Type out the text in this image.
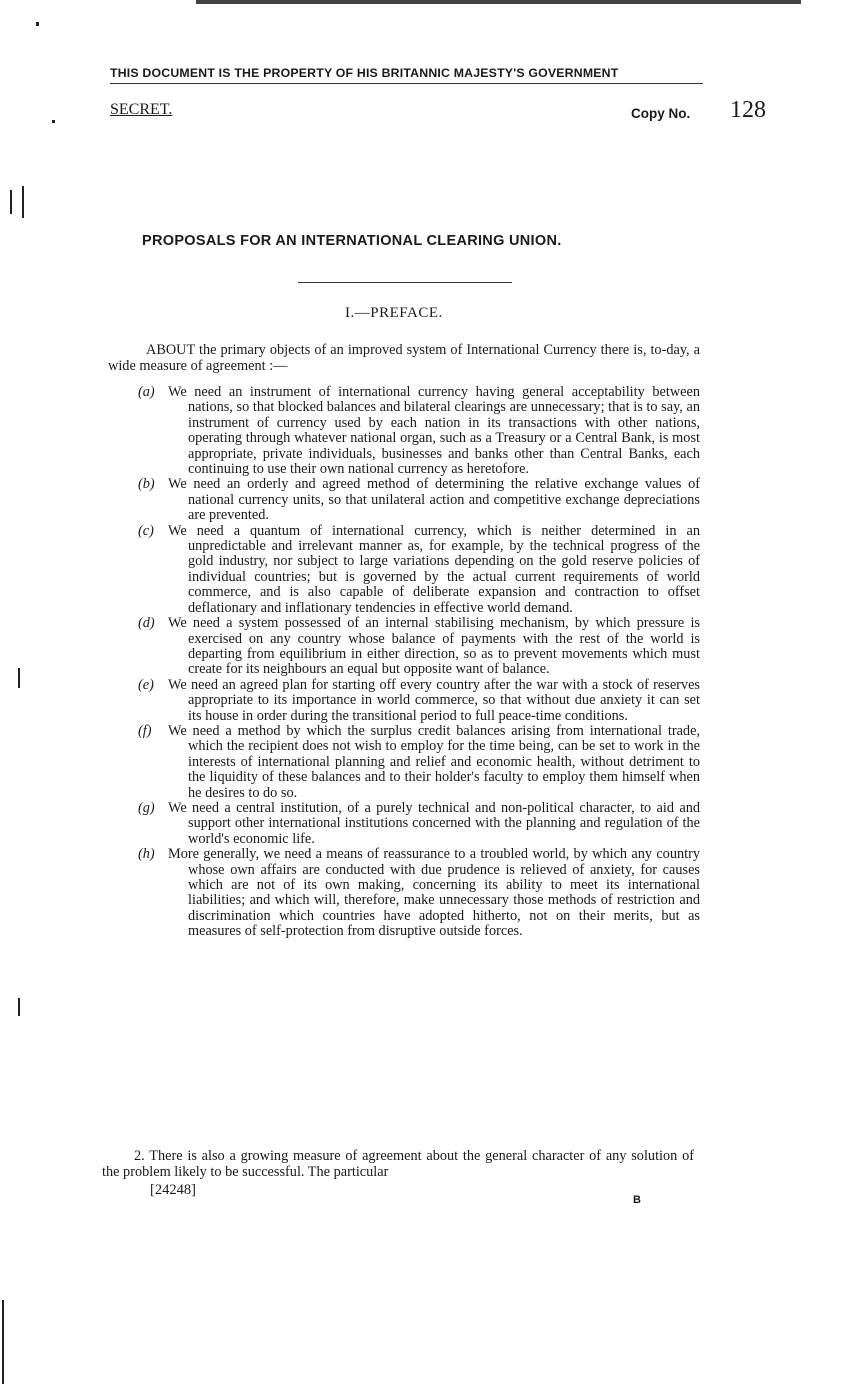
THIS DOCUMENT IS THE PROPERTY OF HIS BRITANNIC MAJESTY'S GOVERNMENT
SECRET.	Copy No. 128
PROPOSALS FOR AN INTERNATIONAL CLEARING UNION.
I.—PREFACE.

ABOUT the primary objects of an improved system of International Currency there is, to-day, a wide measure of agreement :—

(a) We need an instrument of international currency having general acceptability between nations, so that blocked balances and bilateral clearings are unnecessary; that is to say, an instrument of currency used by each nation in its transactions with other nations, operating through whatever national organ, such as a Treasury or a Central Bank, is most appropriate, private individuals, businesses and banks other than Central Banks, each continuing to use their own national currency as heretofore.
(b) We need an orderly and agreed method of determining the relative exchange values of national currency units, so that unilateral action and competitive exchange depreciations are prevented.
(c) We need a quantum of international currency, which is neither determined in an unpredictable and irrelevant manner as, for example, by the technical progress of the gold industry, nor subject to large variations depending on the gold reserve policies of individual countries; but is governed by the actual current requirements of world commerce, and is also capable of deliberate expansion and contraction to offset deflationary and inflationary tendencies in effective world demand.
(d) We need a system possessed of an internal stabilising mechanism, by which pressure is exercised on any country whose balance of payments with the rest of the world is departing from equilibrium in either direction, so as to prevent movements which must create for its neighbours an equal but opposite want of balance.
(e) We need an agreed plan for starting off every country after the war with a stock of reserves appropriate to its importance in world commerce, so that without due anxiety it can set its house in order during the transitional period to full peace-time conditions.
(f) We need a method by which the surplus credit balances arising from international trade, which the recipient does not wish to employ for the time being, can be set to work in the interests of international planning and relief and economic health, without detriment to the liquidity of these balances and to their holder's faculty to employ them himself when he desires to do so.
(g) We need a central institution, of a purely technical and non-political character, to aid and support other international institutions concerned with the planning and regulation of the world's economic life.
(h) More generally, we need a means of reassurance to a troubled world, by which any country whose own affairs are conducted with due prudence is relieved of anxiety, for causes which are not of its own making, concerning its ability to meet its international liabilities; and which will, therefore, make unnecessary those methods of restriction and discrimination which countries have adopted hitherto, not on their merits, but as measures of self-protection from disruptive outside forces.

2. There is also a growing measure of agreement about the general character of any solution of the problem likely to be successful. The particular

[24248]
B
